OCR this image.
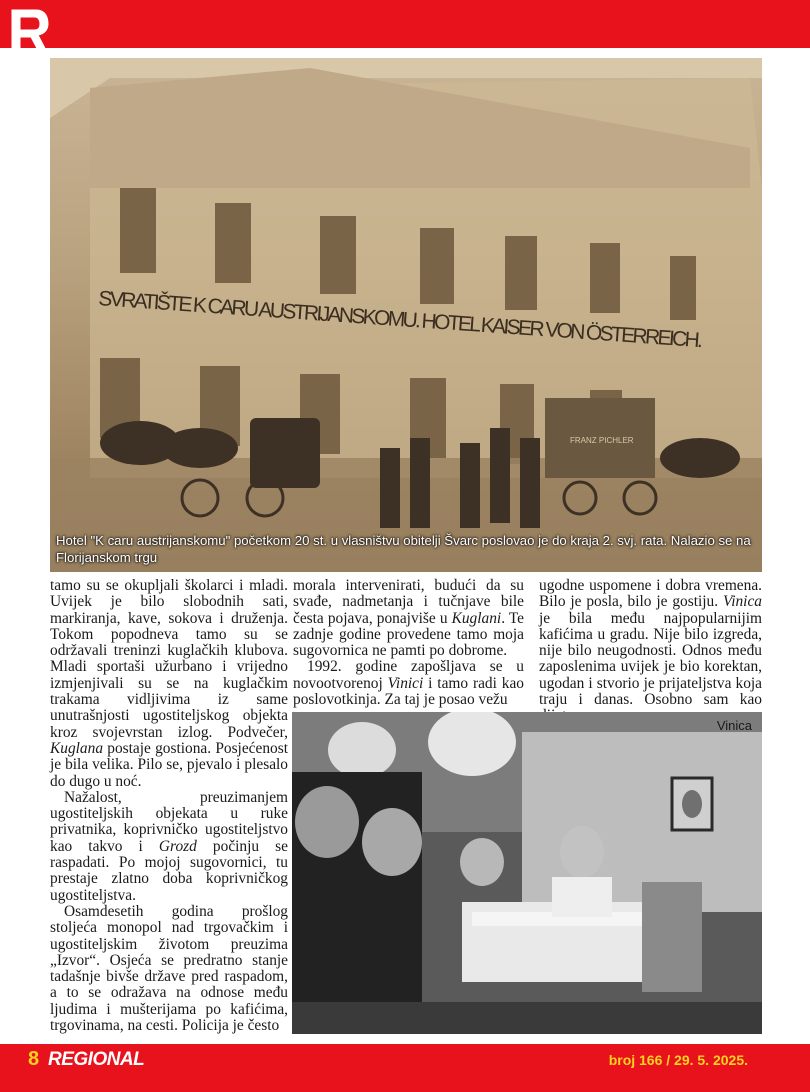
SVRATIŠTE K CARU AUSTRIJANSKOMU. HOTEL KAISER VON ÖSTERREICH.
FRANZ PICHLER
Hotel "K caru austrijanskomu" početkom 20 st. u vlasništvu obitelji Švarc poslovao je do kraja 2. svj. rata. Nalazio se na Florijanskom trgu

tamo su se okupljali školarci i mladi. Uvijek je bilo slobodnih sati, markiranja, kave, sokova i druženja. Tokom popodneva tamo su se održavali treninzi kuglačkih klubova. Mladi sportaši užurbano i vrijedno izmjenjivali su se na kuglačkim trakama vidljivima iz same unutrašnjosti ugostiteljskog objekta kroz svojevrstan izlog. Podvečer, Kuglana postaje gostiona. Posjećenost je bila velika. Pilo se, pjevalo i plesalo do dugo u noć.

Nažalost, preuzimanjem ugostiteljskih objekata u ruke privatnika, koprivničko ugostiteljstvo kao takvo i Grozd počinju se raspadati. Po mojoj sugovornici, tu prestaje zlatno doba koprivničkog ugostiteljstva.

Osamdesetih godina prošlog stoljeća monopol nad trgovačkim i ugostiteljskim životom preuzima „Izvor“. Osjeća se predratno stanje tadašnje bivše države pred raspadom, a to se odražava na odnose među ljudima i mušterijama po kafićima, trgovinama, na cesti. Policija je često

morala intervenirati, budući da su svađe, nadmetanja i tučnjave bile česta pojava, ponajviše u Kuglani. Te zadnje godine provedene tamo moja sugovornica ne pamti po dobrome.

1992. godine zapošljava se u novootvorenoj Vinici i tamo radi kao poslovotkinja. Za taj je posao vežu

ugodne uspomene i dobra vremena. Bilo je posla, bilo je gostiju. Vinica je bila među najpopularnijim kafićima u gradu. Nije bilo izgreda, nije bilo neugodnosti. Odnos među zaposlenima uvijek je bio korektan, ugodan i stvorio je prijateljstva koja traju i danas. Osobno sam kao

Vinica
8 REGIONAL	broj 166 / 29. 5. 2025.
